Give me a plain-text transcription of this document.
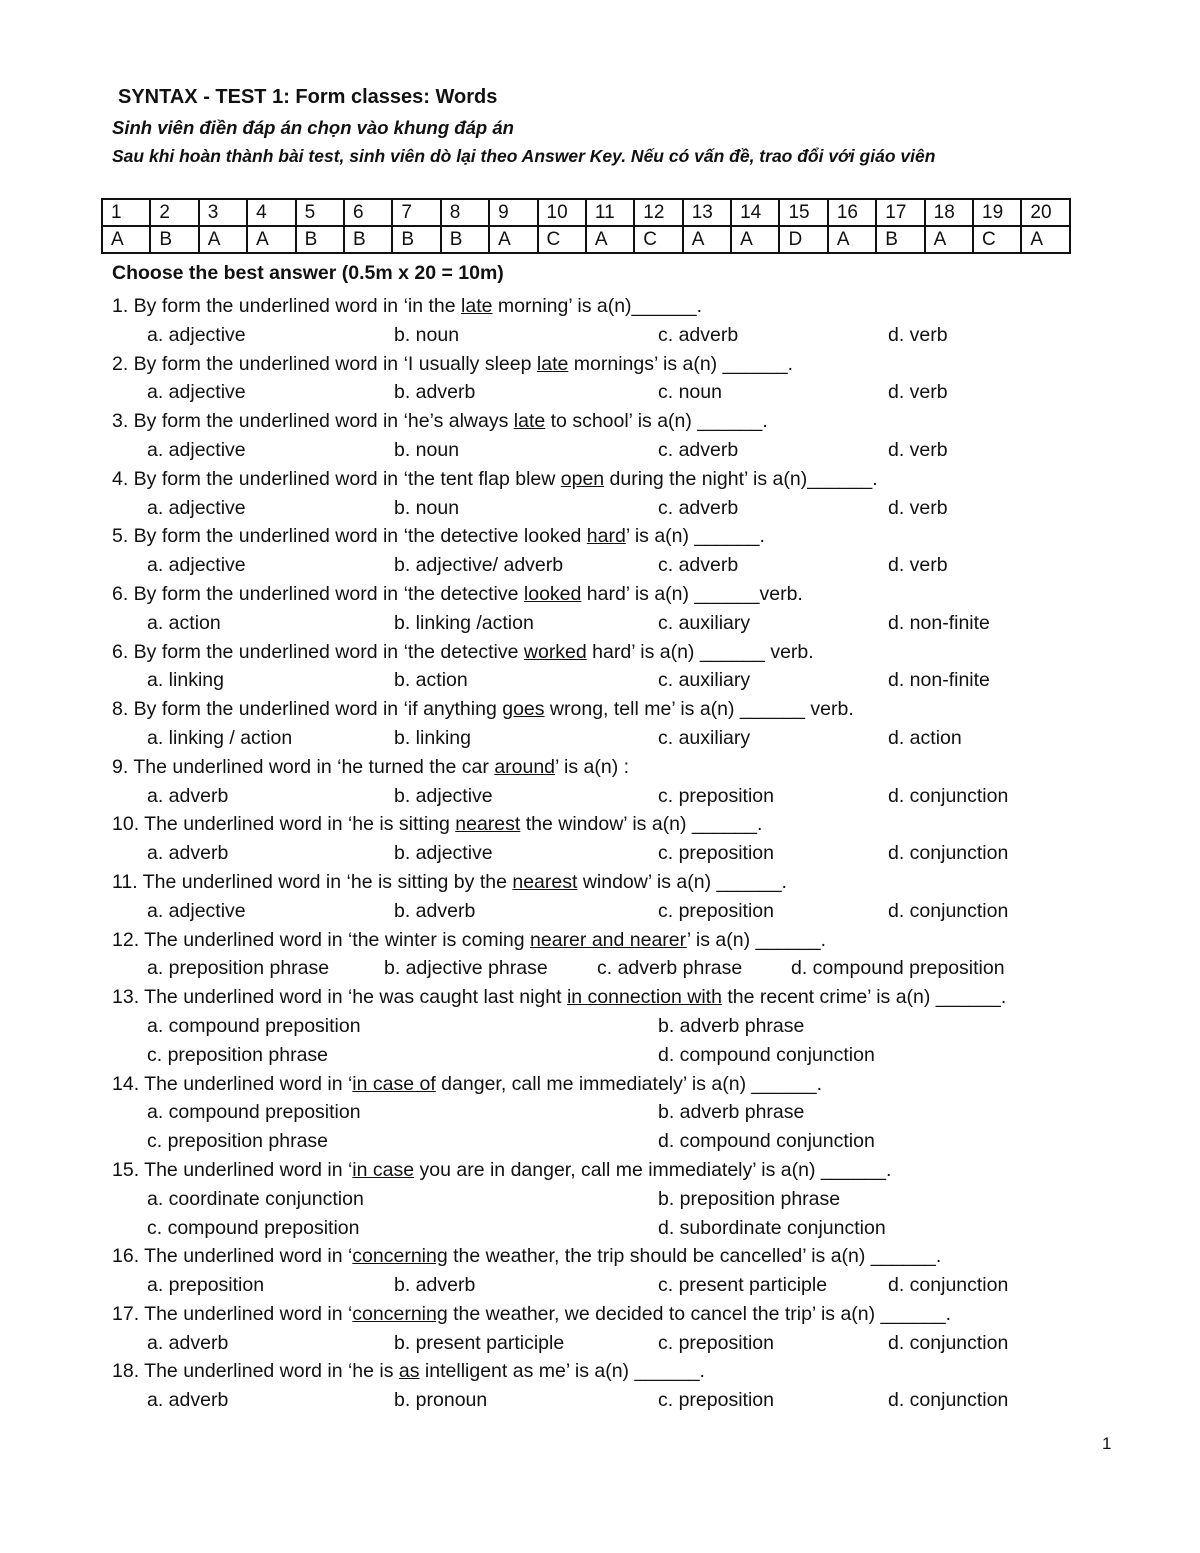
SYNTAX - TEST 1: Form classes: Words
Sinh viên điền đáp án chọn vào khung đáp án
Sau khi hoàn thành bài test, sinh viên dò lại theo Answer Key. Nếu có vấn đề, trao đổi với giáo viên
1	2	3	4	5	6	7	8	9	10	11	12	13	14	15	16	17	18	19	20
A	B	A	A	B	B	B	B	A	C	A	C	A	A	D	A	B	A	C	A
Choose the best answer (0.5m x 20 = 10m)
1. By form the underlined word in ‘in the late morning’ is a(n)______.
a. adjective	b. noun	c. adverb	d. verb
2. By form the underlined word in ‘I usually sleep late mornings’ is a(n) ______.
a. adjective	b. adverb	c. noun	d. verb
3. By form the underlined word in ‘he’s always late to school’ is a(n) ______.
a. adjective	b. noun	c. adverb	d. verb
4. By form the underlined word in ‘the tent flap blew open during the night’ is a(n)______.
a. adjective	b. noun	c. adverb	d. verb
5. By form the underlined word in ‘the detective looked hard’ is a(n) ______.
a. adjective	b. adjective/ adverb	c. adverb	d. verb
6. By form the underlined word in ‘the detective looked hard’ is a(n) ______verb.
a. action	b. linking /action	c. auxiliary	d. non-finite
6. By form the underlined word in ‘the detective worked hard’ is a(n) ______ verb.
a. linking	b. action	c. auxiliary	d. non-finite
8. By form the underlined word in ‘if anything goes wrong, tell me’ is a(n) ______ verb.
a. linking / action	b. linking	c. auxiliary	d. action
9. The underlined word in ‘he turned the car around’ is a(n) :
a. adverb	b. adjective	c. preposition	d. conjunction
10. The underlined word in ‘he is sitting nearest the window’ is a(n) ______.
a. adverb	b. adjective	c. preposition	d. conjunction
11. The underlined word in ‘he is sitting by the nearest window’ is a(n) ______.
a. adjective	b. adverb	c. preposition	d. conjunction
12. The underlined word in ‘the winter is coming nearer and nearer’ is a(n) ______.
a. preposition phrase	b. adjective phrase	c. adverb phrase d. compound preposition
13. The underlined word in ‘he was caught last night in connection with the recent crime’ is a(n) ______.
a. compound preposition	b. adverb phrase
c. preposition phrase	d. compound conjunction
14. The underlined word in ‘in case of danger, call me immediately’ is a(n) ______.
a. compound preposition	b. adverb phrase
c. preposition phrase	d. compound conjunction
15. The underlined word in ‘in case you are in danger, call me immediately’ is a(n) ______.
a. coordinate conjunction	b. preposition phrase
c. compound preposition	d. subordinate conjunction
16. The underlined word in ‘concerning the weather, the trip should be cancelled’ is a(n) ______.
a. preposition	b. adverb	c. present participle	d. conjunction
17. The underlined word in ‘concerning the weather, we decided to cancel the trip’ is a(n) ______.
a. adverb	b. present participle	c. preposition	d. conjunction
18. The underlined word in ‘he is as intelligent as me’ is a(n) ______.
a. adverb	b. pronoun	c. preposition	d. conjunction
1
